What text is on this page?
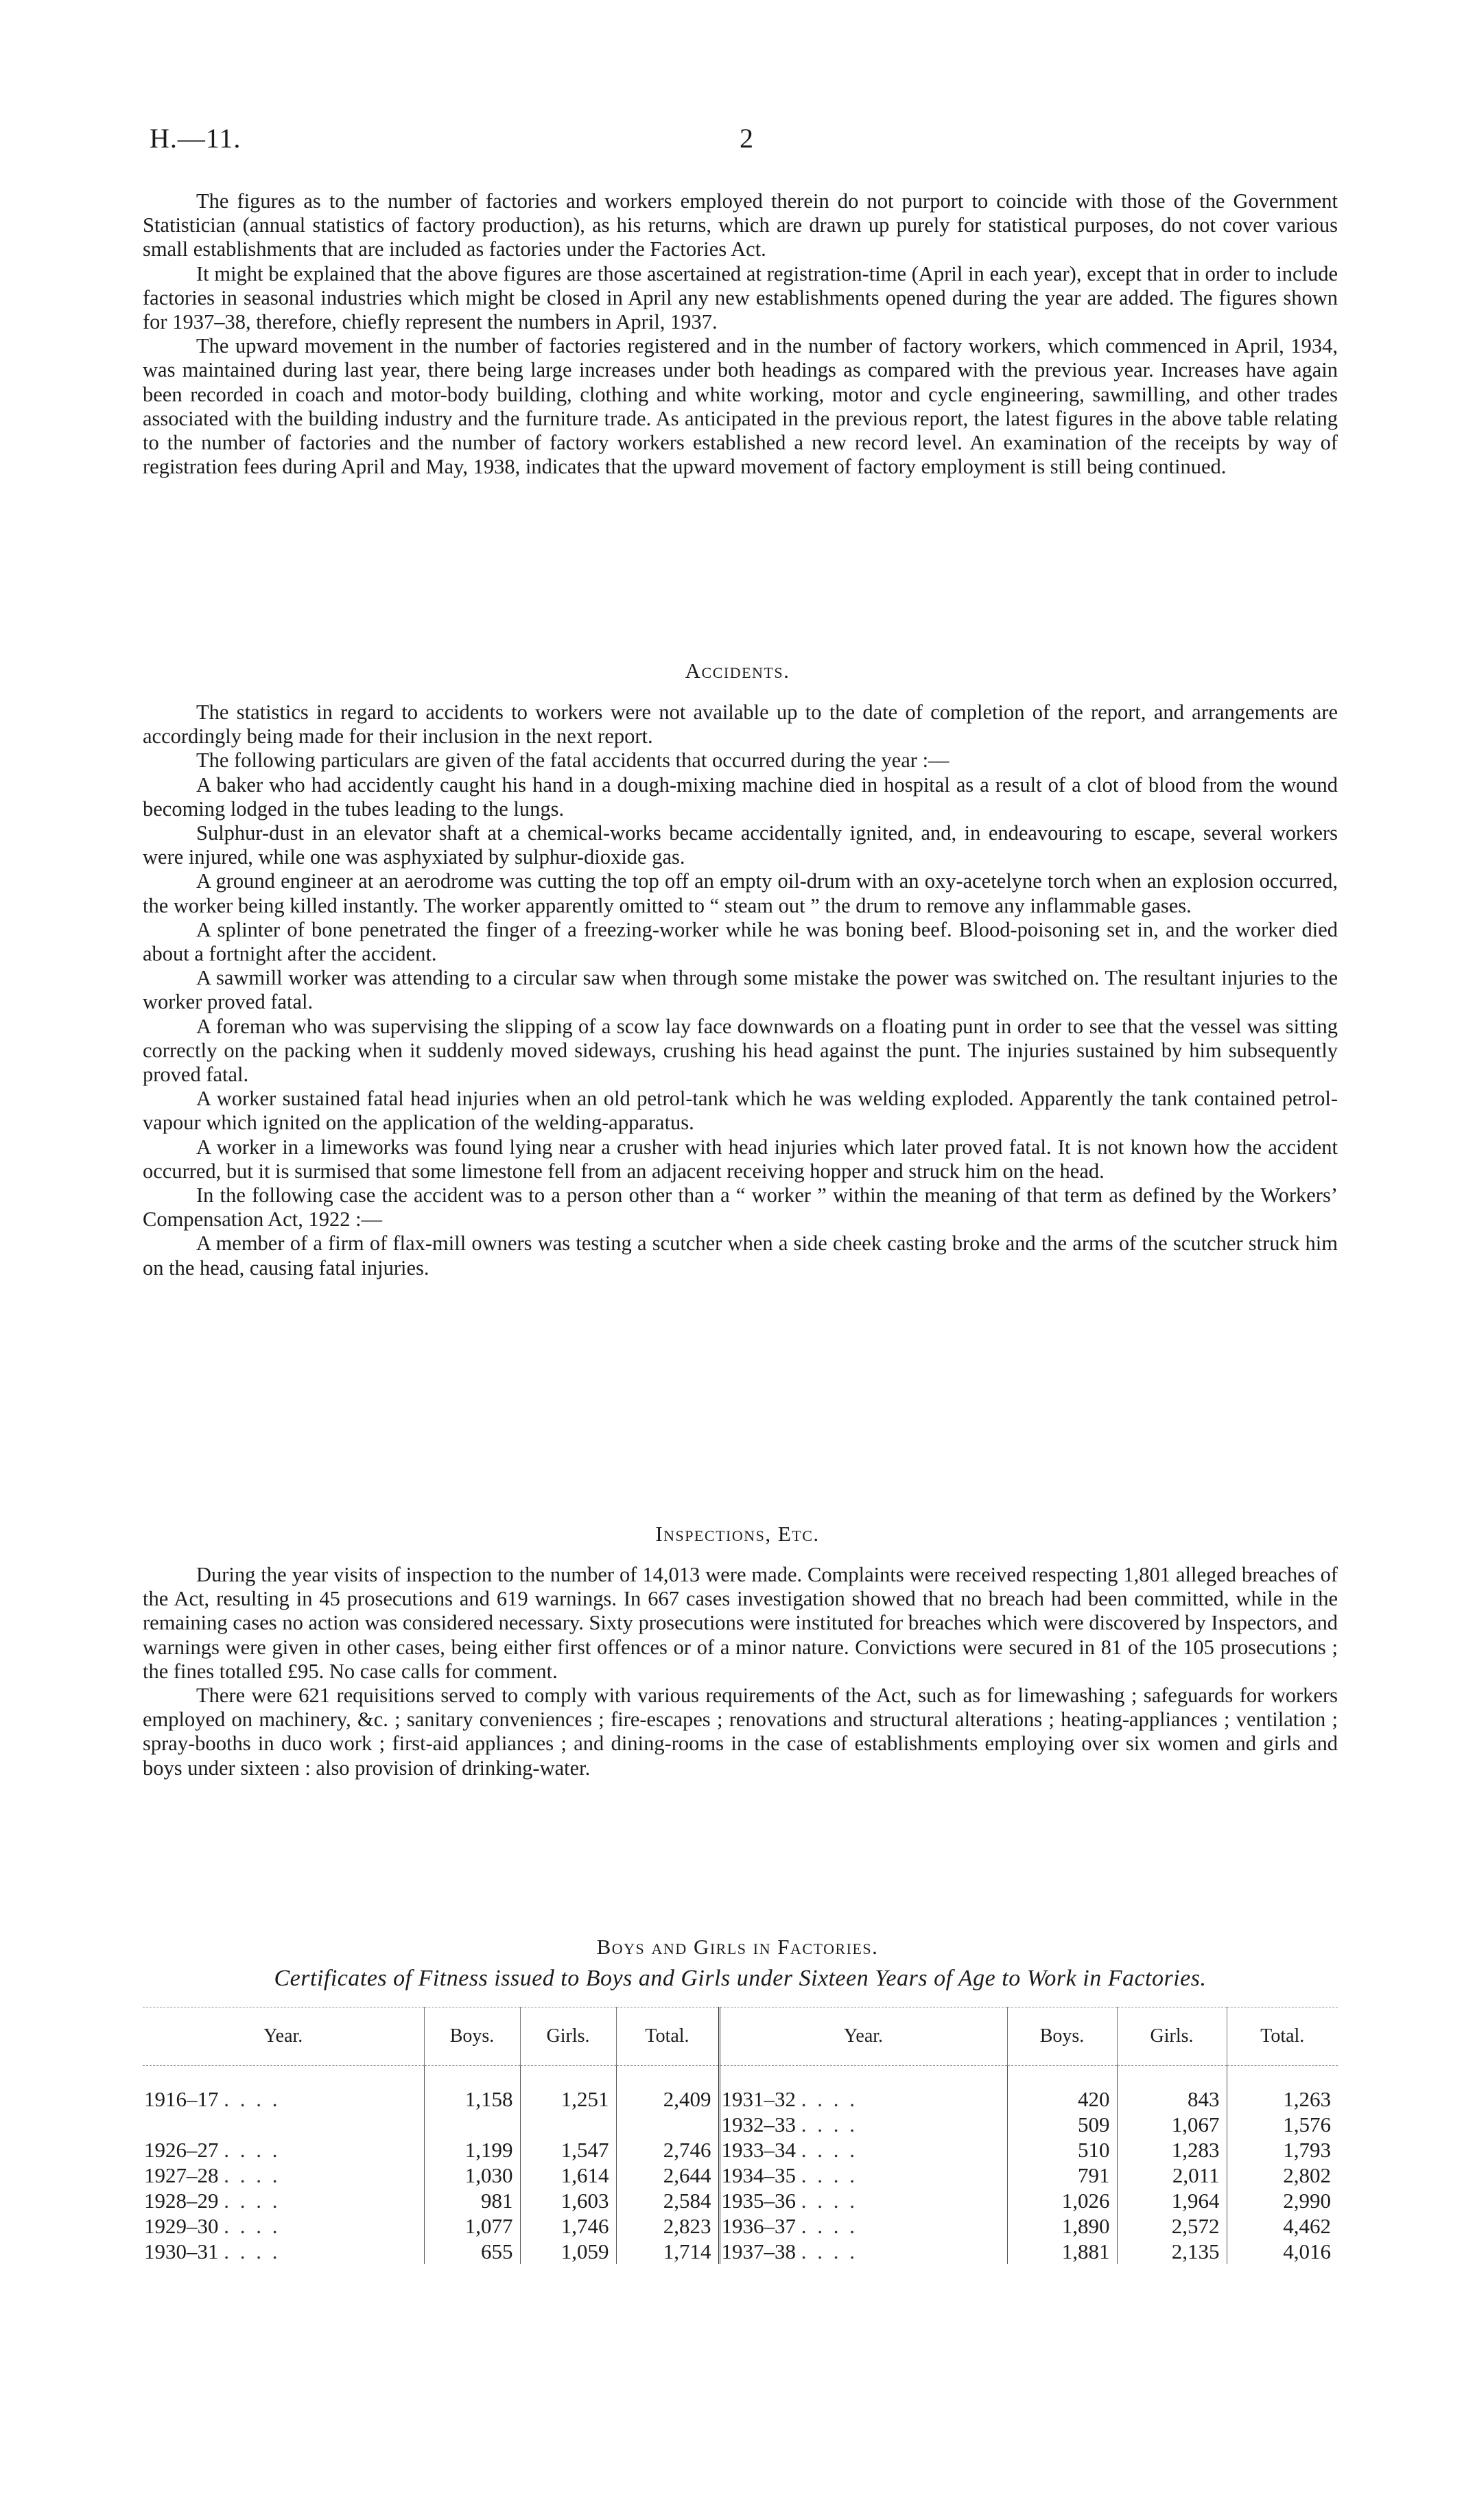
H.—11.	2

The figures as to the number of factories and workers employed therein do not purport to coincide with those of the Government Statistician (annual statistics of factory production), as his returns, which are drawn up purely for statistical purposes, do not cover various small establishments that are included as factories under the Factories Act.

It might be explained that the above figures are those ascertained at registration-time (April in each year), except that in order to include factories in seasonal industries which might be closed in April any new establishments opened during the year are added. The figures shown for 1937–38, therefore, chiefly represent the numbers in April, 1937.

The upward movement in the number of factories registered and in the number of factory workers, which commenced in April, 1934, was maintained during last year, there being large increases under both headings as compared with the previous year. Increases have again been recorded in coach and motor-body building, clothing and white working, motor and cycle engineering, sawmilling, and other trades associated with the building industry and the furniture trade. As anticipated in the previous report, the latest figures in the above table relating to the number of factories and the number of factory workers established a new record level. An examination of the receipts by way of registration fees during April and May, 1938, indicates that the upward movement of factory employment is still being continued.

Accidents.

The statistics in regard to accidents to workers were not available up to the date of completion of the report, and arrangements are accordingly being made for their inclusion in the next report.

The following particulars are given of the fatal accidents that occurred during the year :—

A baker who had accidently caught his hand in a dough-mixing machine died in hospital as a result of a clot of blood from the wound becoming lodged in the tubes leading to the lungs.

Sulphur-dust in an elevator shaft at a chemical-works became accidentally ignited, and, in endeavouring to escape, several workers were injured, while one was asphyxiated by sulphur-dioxide gas.

A ground engineer at an aerodrome was cutting the top off an empty oil-drum with an oxy-acetelyne torch when an explosion occurred, the worker being killed instantly. The worker apparently omitted to “ steam out ” the drum to remove any inflammable gases.

A splinter of bone penetrated the finger of a freezing-worker while he was boning beef. Blood-poisoning set in, and the worker died about a fortnight after the accident.

A sawmill worker was attending to a circular saw when through some mistake the power was switched on. The resultant injuries to the worker proved fatal.

A foreman who was supervising the slipping of a scow lay face downwards on a floating punt in order to see that the vessel was sitting correctly on the packing when it suddenly moved sideways, crushing his head against the punt. The injuries sustained by him subsequently proved fatal.

A worker sustained fatal head injuries when an old petrol-tank which he was welding exploded. Apparently the tank contained petrol-vapour which ignited on the application of the welding-apparatus.

A worker in a limeworks was found lying near a crusher with head injuries which later proved fatal. It is not known how the accident occurred, but it is surmised that some limestone fell from an adjacent receiving hopper and struck him on the head.

In the following case the accident was to a person other than a “ worker ” within the meaning of that term as defined by the Workers’ Compensation Act, 1922 :—

A member of a firm of flax-mill owners was testing a scutcher when a side cheek casting broke and the arms of the scutcher struck him on the head, causing fatal injuries.

Inspections, Etc.

During the year visits of inspection to the number of 14,013 were made. Complaints were received respecting 1,801 alleged breaches of the Act, resulting in 45 prosecutions and 619 warnings. In 667 cases investigation showed that no breach had been committed, while in the remaining cases no action was considered necessary. Sixty prosecutions were instituted for breaches which were discovered by Inspectors, and warnings were given in other cases, being either first offences or of a minor nature. Convictions were secured in 81 of the 105 prosecutions ; the fines totalled £95. No case calls for comment.

There were 621 requisitions served to comply with various requirements of the Act, such as for limewashing ; safeguards for workers employed on machinery, &c. ; sanitary conveniences ; fire-escapes ; renovations and structural alterations ; heating-appliances ; ventilation ; spray-booths in duco work ; first-aid appliances ; and dining-rooms in the case of establishments employing over six women and girls and boys under sixteen : also provision of drinking-water.

Boys and Girls in Factories.
Certificates of Fitness issued to Boys and Girls under Sixteen Years of Age to Work in Factories.
Year.	Boys.	Girls.	Total.	Year.	Boys.	Girls.	Total.
1916–17 . . . .	1,158	1,251	2,409	1931–32 . . . .	420	843	1,263
				1932–33 . . . .	509	1,067	1,576
1926–27 . . . .	1,199	1,547	2,746	1933–34 . . . .	510	1,283	1,793
1927–28 . . . .	1,030	1,614	2,644	1934–35 . . . .	791	2,011	2,802
1928–29 . . . .	981	1,603	2,584	1935–36 . . . .	1,026	1,964	2,990
1929–30 . . . .	1,077	1,746	2,823	1936–37 . . . .	1,890	2,572	4,462
1930–31 . . . .	655	1,059	1,714	1937–38 . . . .	1,881	2,135	4,016
